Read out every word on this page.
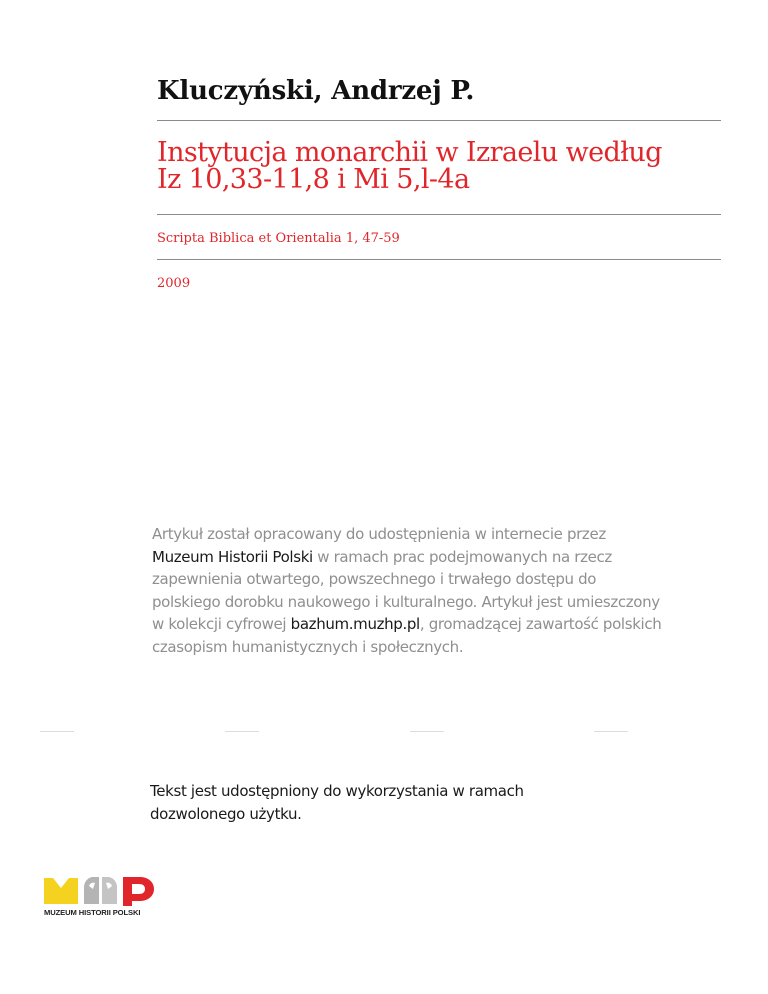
Kluczyński, Andrzej P.
Instytucja monarchii w Izraelu według
Iz 10,33-11,8 i Mi 5,l-4a
Scripta Biblica et Orientalia 1, 47-59
2009
Artykuł został opracowany do udostępnienia w internecie przez
Muzeum Historii Polski w ramach prac podejmowanych na rzecz
zapewnienia otwartego, powszechnego i trwałego dostępu do
polskiego dorobku naukowego i kulturalnego. Artykuł jest umieszczony
w kolekcji cyfrowej bazhum.muzhp.pl, gromadzącej zawartość polskich
czasopism humanistycznych i społecznych.
Tekst jest udostępniony do wykorzystania w ramach
dozwolonego użytku.
MUZEUM HISTORII POLSKI
